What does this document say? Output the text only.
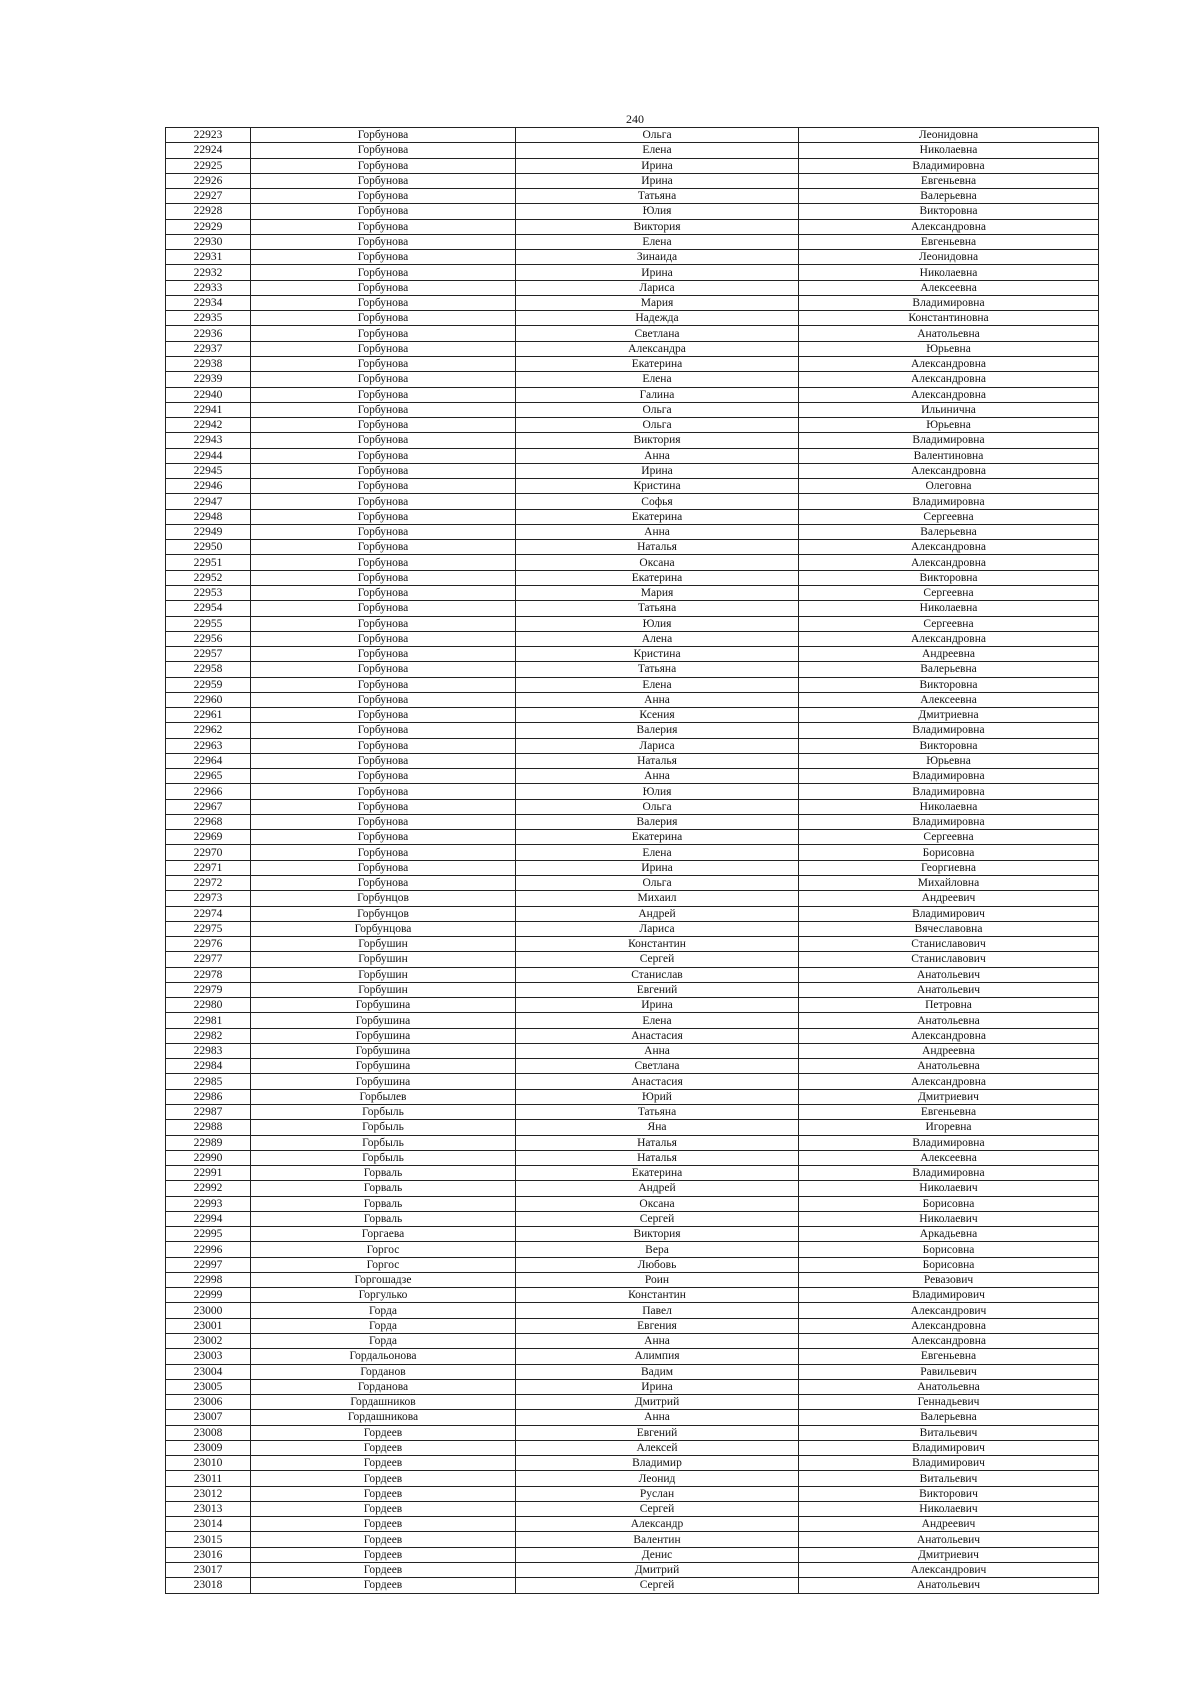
240
22923	Горбунова	Ольга	Леонидовна
22924	Горбунова	Елена	Николаевна
22925	Горбунова	Ирина	Владимировна
22926	Горбунова	Ирина	Евгеньевна
22927	Горбунова	Татьяна	Валерьевна
22928	Горбунова	Юлия	Викторовна
22929	Горбунова	Виктория	Александровна
22930	Горбунова	Елена	Евгеньевна
22931	Горбунова	Зинаида	Леонидовна
22932	Горбунова	Ирина	Николаевна
22933	Горбунова	Лариса	Алексеевна
22934	Горбунова	Мария	Владимировна
22935	Горбунова	Надежда	Константиновна
22936	Горбунова	Светлана	Анатольевна
22937	Горбунова	Александра	Юрьевна
22938	Горбунова	Екатерина	Александровна
22939	Горбунова	Елена	Александровна
22940	Горбунова	Галина	Александровна
22941	Горбунова	Ольга	Ильинична
22942	Горбунова	Ольга	Юрьевна
22943	Горбунова	Виктория	Владимировна
22944	Горбунова	Анна	Валентиновна
22945	Горбунова	Ирина	Александровна
22946	Горбунова	Кристина	Олеговна
22947	Горбунова	Софья	Владимировна
22948	Горбунова	Екатерина	Сергеевна
22949	Горбунова	Анна	Валерьевна
22950	Горбунова	Наталья	Александровна
22951	Горбунова	Оксана	Александровна
22952	Горбунова	Екатерина	Викторовна
22953	Горбунова	Мария	Сергеевна
22954	Горбунова	Татьяна	Николаевна
22955	Горбунова	Юлия	Сергеевна
22956	Горбунова	Алена	Александровна
22957	Горбунова	Кристина	Андреевна
22958	Горбунова	Татьяна	Валерьевна
22959	Горбунова	Елена	Викторовна
22960	Горбунова	Анна	Алексеевна
22961	Горбунова	Ксения	Дмитриевна
22962	Горбунова	Валерия	Владимировна
22963	Горбунова	Лариса	Викторовна
22964	Горбунова	Наталья	Юрьевна
22965	Горбунова	Анна	Владимировна
22966	Горбунова	Юлия	Владимировна
22967	Горбунова	Ольга	Николаевна
22968	Горбунова	Валерия	Владимировна
22969	Горбунова	Екатерина	Сергеевна
22970	Горбунова	Елена	Борисовна
22971	Горбунова	Ирина	Георгиевна
22972	Горбунова	Ольга	Михайловна
22973	Горбунцов	Михаил	Андреевич
22974	Горбунцов	Андрей	Владимирович
22975	Горбунцова	Лариса	Вячеславовна
22976	Горбушин	Константин	Станиславович
22977	Горбушин	Сергей	Станиславович
22978	Горбушин	Станислав	Анатольевич
22979	Горбушин	Евгений	Анатольевич
22980	Горбушина	Ирина	Петровна
22981	Горбушина	Елена	Анатольевна
22982	Горбушина	Анастасия	Александровна
22983	Горбушина	Анна	Андреевна
22984	Горбушина	Светлана	Анатольевна
22985	Горбушина	Анастасия	Александровна
22986	Горбылев	Юрий	Дмитриевич
22987	Горбыль	Татьяна	Евгеньевна
22988	Горбыль	Яна	Игоревна
22989	Горбыль	Наталья	Владимировна
22990	Горбыль	Наталья	Алексеевна
22991	Горваль	Екатерина	Владимировна
22992	Горваль	Андрей	Николаевич
22993	Горваль	Оксана	Борисовна
22994	Горваль	Сергей	Николаевич
22995	Горгаева	Виктория	Аркадьевна
22996	Горгос	Вера	Борисовна
22997	Горгос	Любовь	Борисовна
22998	Горгошадзе	Роин	Ревазович
22999	Горгулько	Константин	Владимирович
23000	Горда	Павел	Александрович
23001	Горда	Евгения	Александровна
23002	Горда	Анна	Александровна
23003	Гордальонова	Алимпия	Евгеньевна
23004	Горданов	Вадим	Равильевич
23005	Горданова	Ирина	Анатольевна
23006	Гордашников	Дмитрий	Геннадьевич
23007	Гордашникова	Анна	Валерьевна
23008	Гордеев	Евгений	Витальевич
23009	Гордеев	Алексей	Владимирович
23010	Гордеев	Владимир	Владимирович
23011	Гордеев	Леонид	Витальевич
23012	Гордеев	Руслан	Викторович
23013	Гордеев	Сергей	Николаевич
23014	Гордеев	Александр	Андреевич
23015	Гордеев	Валентин	Анатольевич
23016	Гордеев	Денис	Дмитриевич
23017	Гордеев	Дмитрий	Александрович
23018	Гордеев	Сергей	Анатольевич
